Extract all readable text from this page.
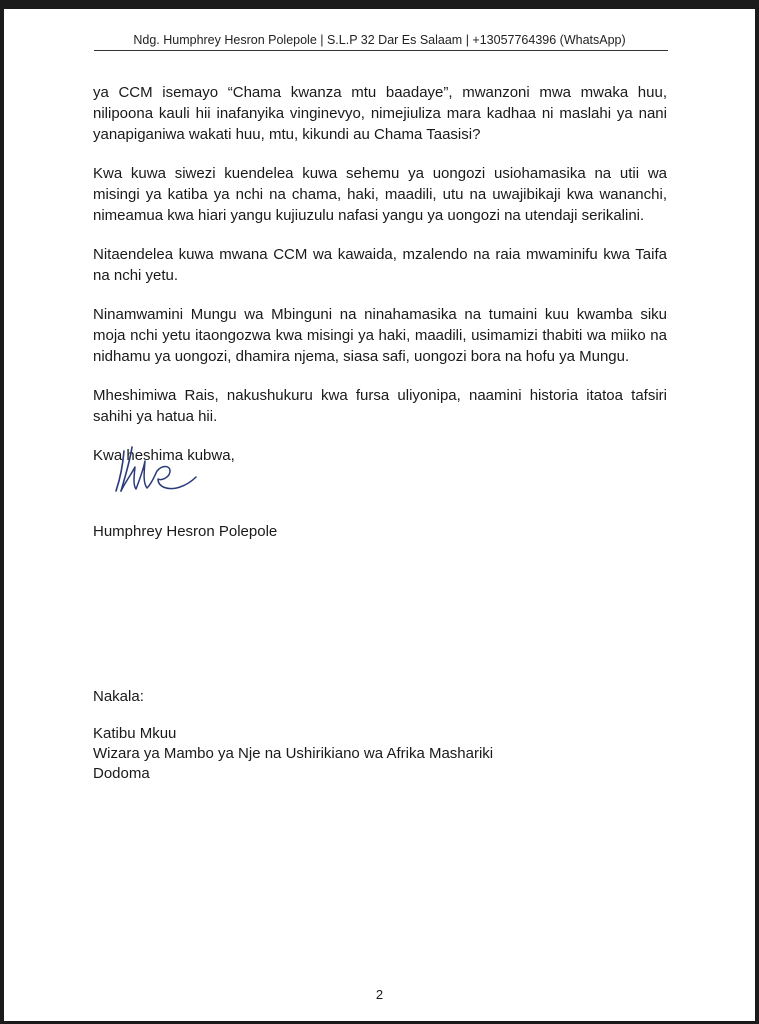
Ndg. Humphrey Hesron Polepole | S.L.P 32 Dar Es Salaam | +13057764396 (WhatsApp)

ya CCM isemayo “Chama kwanza mtu baadaye”, mwanzoni mwa mwaka huu, nilipoona kauli hii inafanyika vinginevyo, nimejiuliza mara kadhaa ni maslahi ya nani yanapiganiwa wakati huu, mtu, kikundi au Chama Taasisi?

Kwa kuwa siwezi kuendelea kuwa sehemu ya uongozi usiohamasika na utii wa misingi ya katiba ya nchi na chama, haki, maadili, utu na uwajibikaji kwa wananchi, nimeamua kwa hiari yangu kujiuzulu nafasi yangu ya uongozi na utendaji serikalini.

Nitaendelea kuwa mwana CCM wa kawaida, mzalendo na raia mwaminifu kwa Taifa na nchi yetu.

Ninamwamini Mungu wa Mbinguni na ninahamasika na tumaini kuu kwamba siku moja nchi yetu itaongozwa kwa misingi ya haki, maadili, usimamizi thabiti wa miiko na nidhamu ya uongozi, dhamira njema, siasa safi, uongozi bora na hofu ya Mungu.

Mheshimiwa Rais, nakushukuru kwa fursa uliyonipa, naamini historia itatoa tafsiri sahihi ya hatua hii.

Kwa heshima kubwa,

Humphrey Hesron Polepole
Nakala:
Katibu Mkuu
Wizara ya Mambo ya Nje na Ushirikiano wa Afrika Mashariki
Dodoma
2
